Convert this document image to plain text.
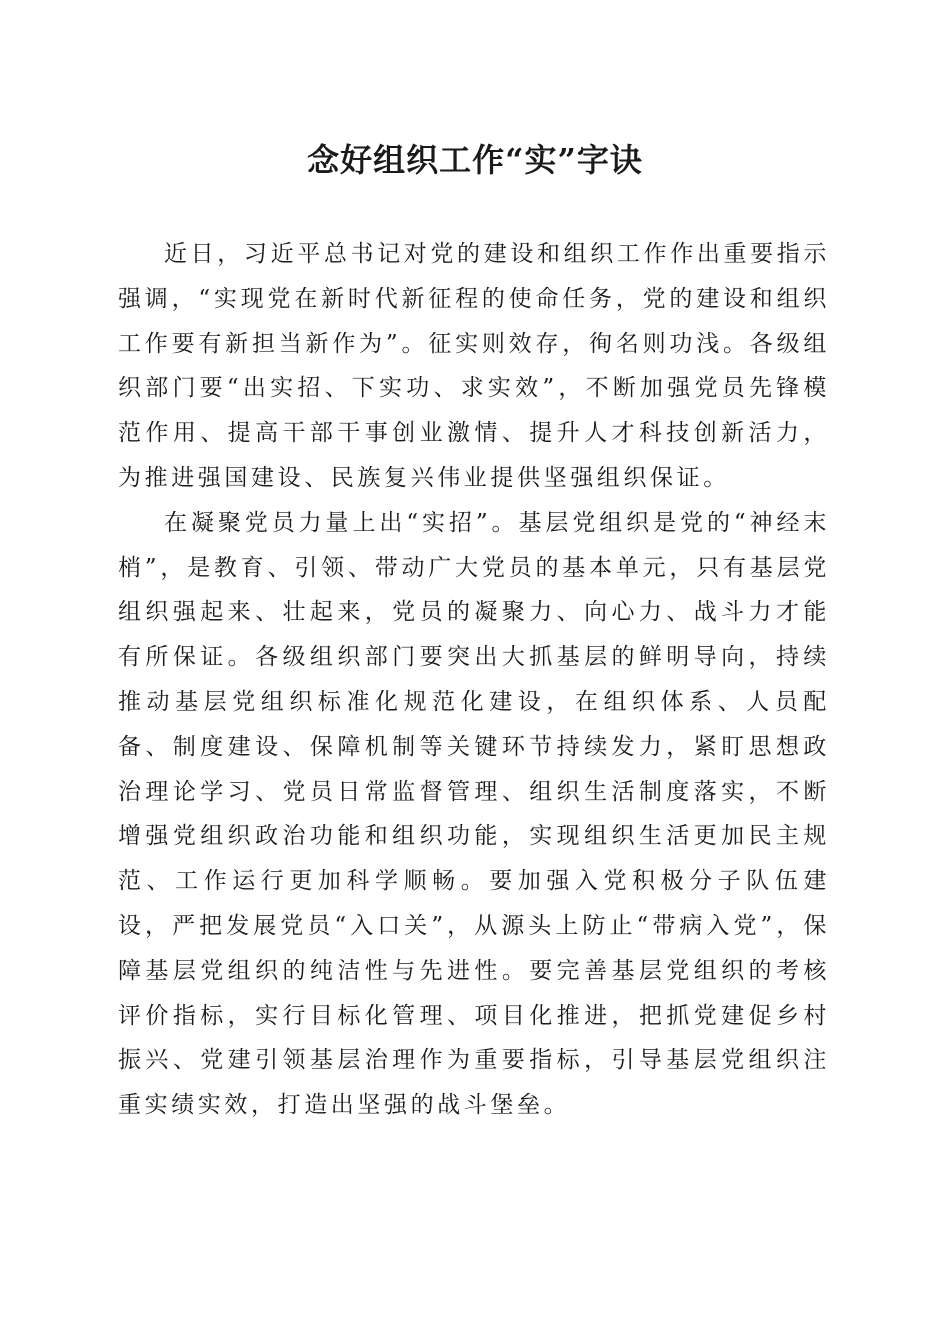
念好组织工作“实”字诀

近日，习近平总书记对党的建设和组织工作作出重要指示强调，“实现党在新时代新征程的使命任务，党的建设和组织工作要有新担当新作为”。征实则效存，徇名则功浅。各级组织部门要“出实招、下实功、求实效”，不断加强党员先锋模范作用、提高干部干事创业激情、提升人才科技创新活力，为推进强国建设、民族复兴伟业提供坚强组织保证。

在凝聚党员力量上出“实招”。基层党组织是党的“神经末梢”，是教育、引领、带动广大党员的基本单元，只有基层党组织强起来、壮起来，党员的凝聚力、向心力、战斗力才能有所保证。各级组织部门要突出大抓基层的鲜明导向，持续推动基层党组织标准化规范化建设，在组织体系、人员配备、制度建设、保障机制等关键环节持续发力，紧盯思想政治理论学习、党员日常监督管理、组织生活制度落实，不断增强党组织政治功能和组织功能，实现组织生活更加民主规范、工作运行更加科学顺畅。要加强入党积极分子队伍建设，严把发展党员“入口关”，从源头上防止“带病入党”，保障基层党组织的纯洁性与先进性。要完善基层党组织的考核评价指标，实行目标化管理、项目化推进，把抓党建促乡村振兴、党建引领基层治理作为重要指标，引导基层党组织注重实绩实效，打造出坚强的战斗堡垒。
